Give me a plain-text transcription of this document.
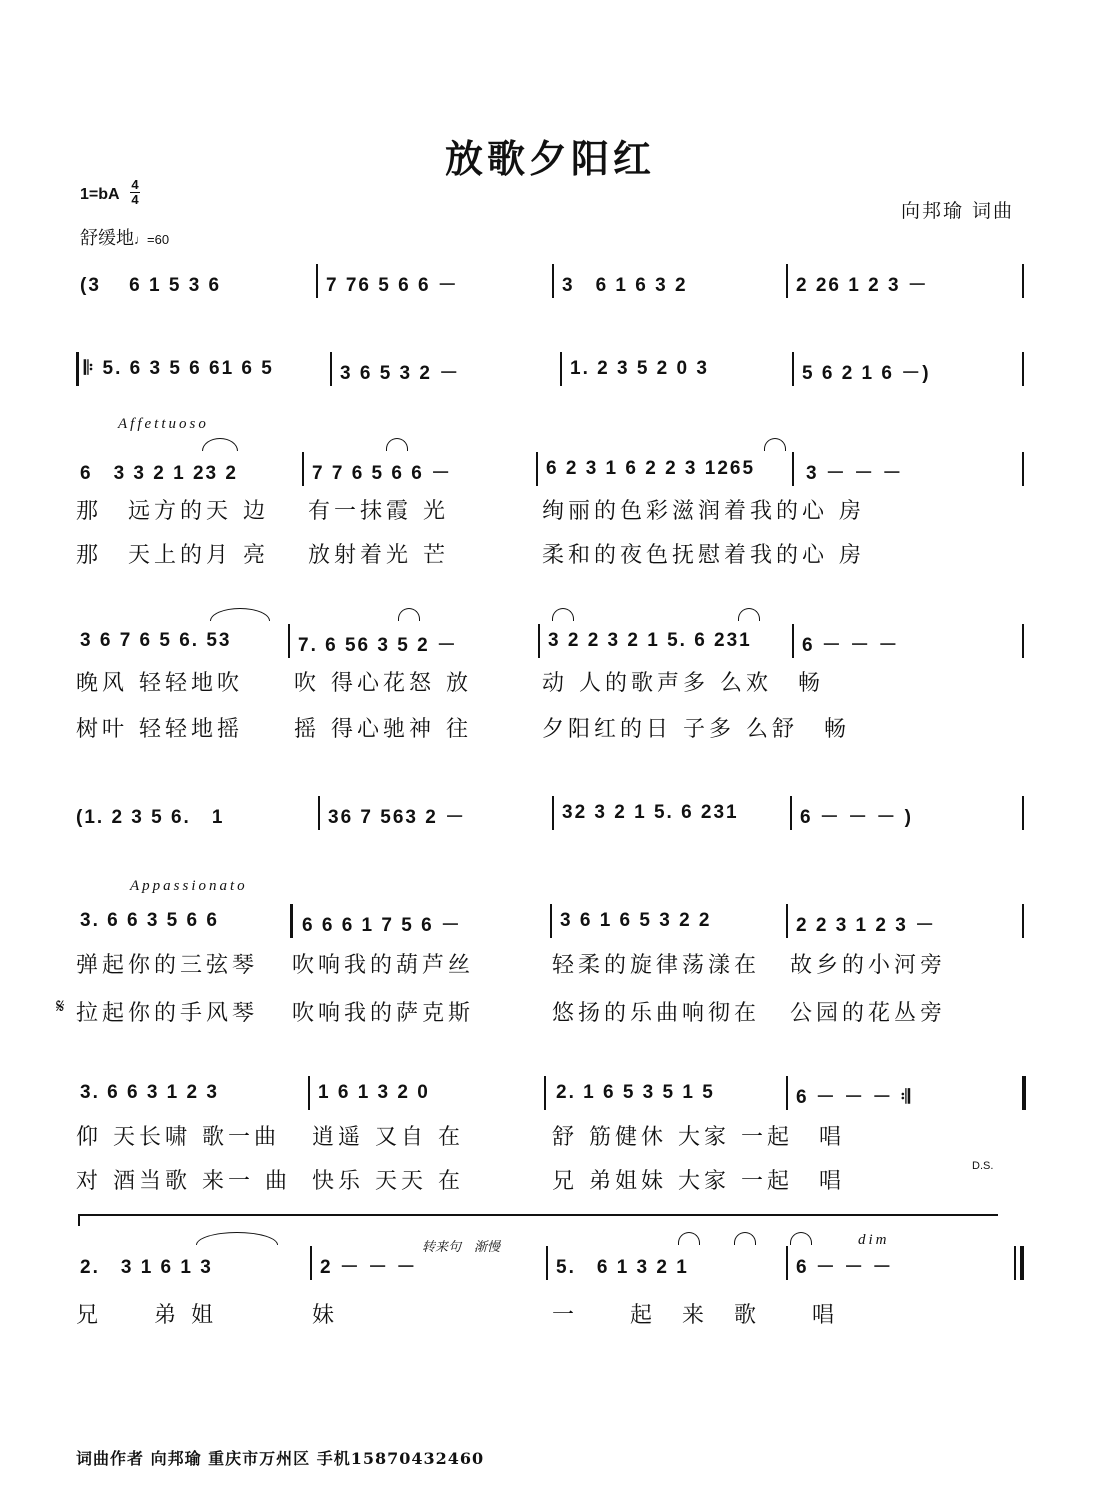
放歌夕阳红
1=bA
4
4
舒缓地♩=60
向邦瑜 词曲
(3　 6 1 5 3 6	7 76 5 6 6 －	3　6 1 6 3 2	2 26 1 2 3 －
𝄆 5. 6 3 5 6 61 6 5	3 6 5 3 2 －	1. 2 3 5 2 0 3	5 6 2 1 6 －)
Affettuoso
6　3 3 2 1 23 2	7 7 6 5 6 6 －	6 2 3 1 6 2 2 3 1265	3 － － －
那　远方的天 边 有一抹霞 光	绚丽的色彩滋润着我的心 房
那　天上的月 亮 放射着光 芒	柔和的夜色抚慰着我的心 房
3 6 7 6 5 6. 53	7. 6 56 3 5 2 －	3 2 2 3 2 1 5. 6 231	6 － － －
晚风 轻轻地吹 吹 得心花怒 放	动 人的歌声多 么欢　畅
树叶 轻轻地摇 摇 得心驰神 往	夕阳红的日 子多 么舒　畅
(1. 2 3 5 6.　1	36 7 563 2 －	32 3 2 1 5. 6 231	6 － － － )
Appassionato
3. 6 6 3 5 6 6	6 6 6 1 7 5 6 －	3 6 1 6 5 3 2 2	2 2 3 1 2 3 －
弹起你的三弦琴 吹响我的葫芦丝	轻柔的旋律荡漾在 故乡的小河旁
𝄋 拉起你的手风琴 吹响我的萨克斯	悠扬的乐曲响彻在 公园的花丛旁
3. 6 6 3 1 2 3	1 6 1 3 2 0	2. 1 6 5 3 5 1 5	6 － － － 𝄇
仰 天长啸 歌一曲 逍遥 又自 在	舒 筋健休 大家 一起　唱
对 酒当歌 来一 曲 快乐 天天 在	兄 弟姐妹 大家 一起　唱
D.S.
转来句　渐慢	dim
2.　3 1 6 1 3	2 － － －	5.　6 1 3 2 1	6 － － －
兄　　弟 姐	妹	一　　起　来　歌　　唱
词曲作者 向邦瑜 重庆市万州区 手机15870432460
